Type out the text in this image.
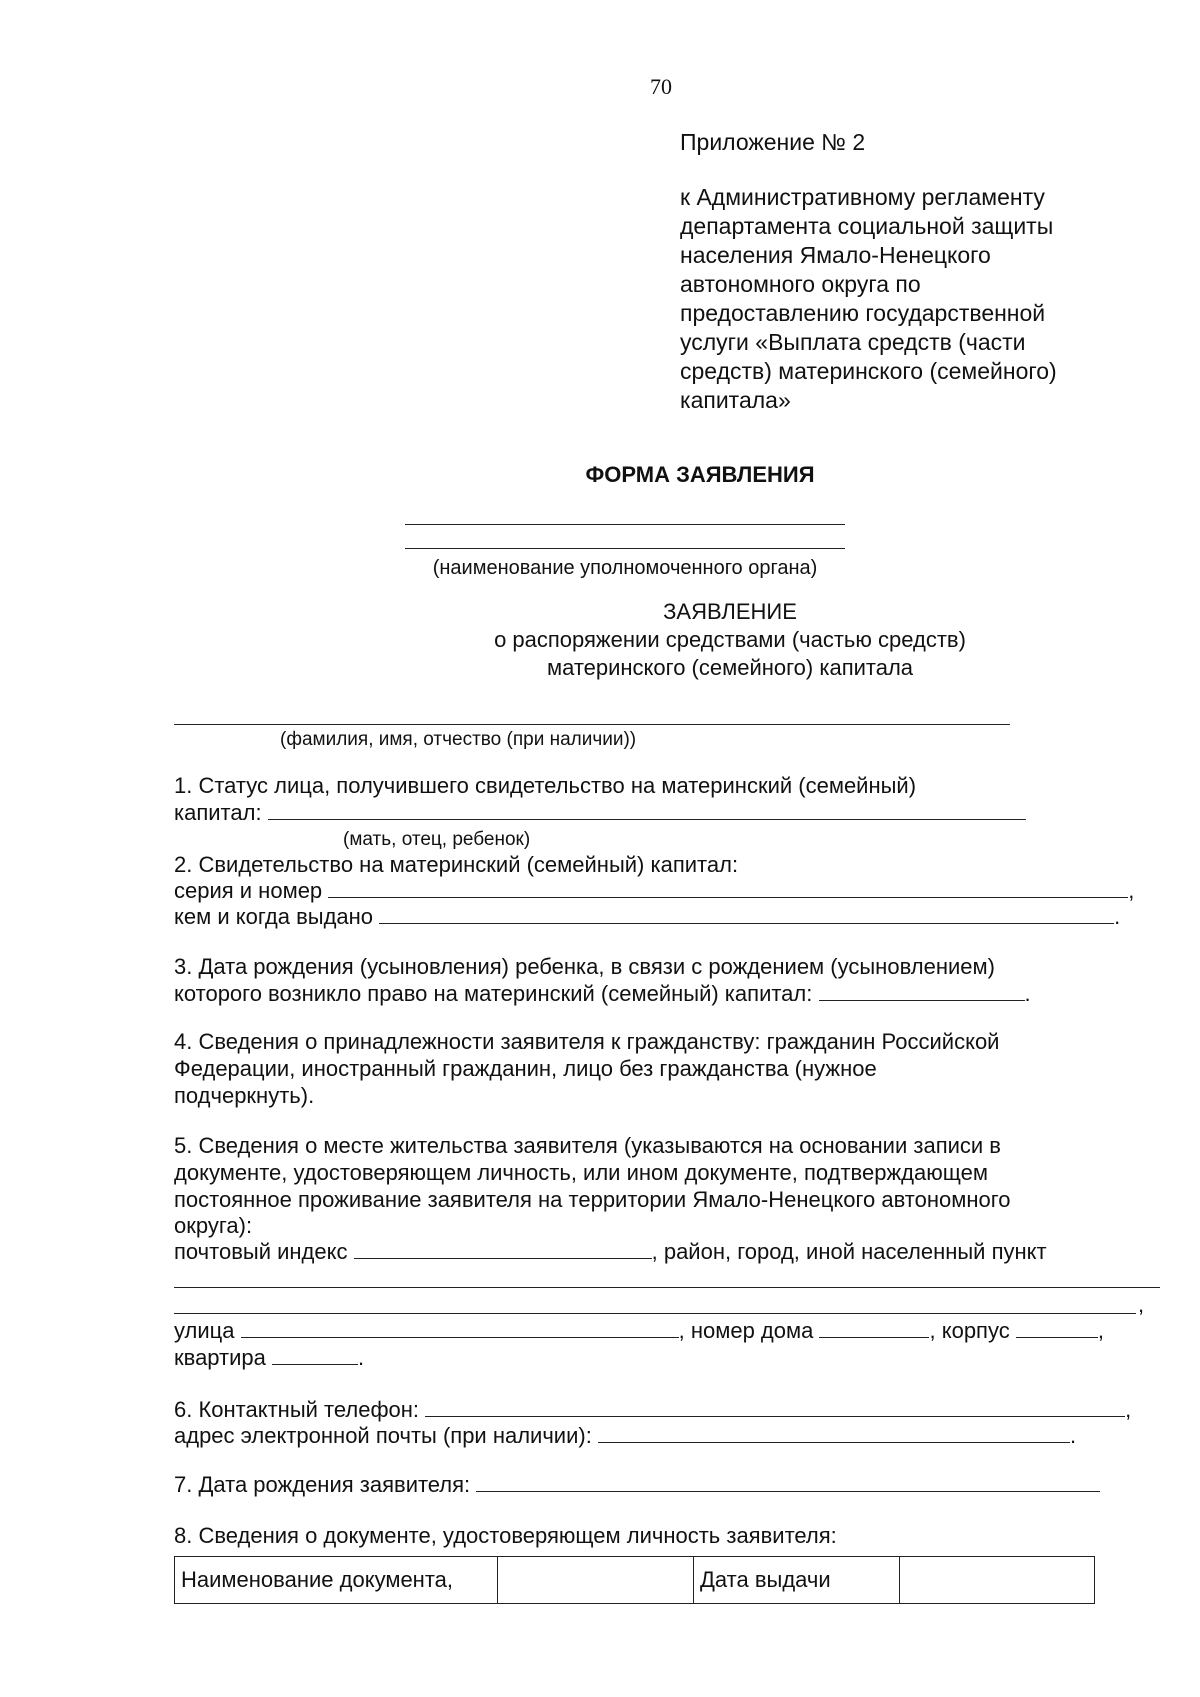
70
Приложение № 2
к Административному регламенту
департамента социальной защиты
населения Ямало-Ненецкого
автономного округа по
предоставлению государственной
услуги «Выплата средств (части
средств) материнского (семейного)
капитала»
ФОРМА ЗАЯВЛЕНИЯ
(наименование уполномоченного органа)
ЗАЯВЛЕНИЕ
о распоряжении средствами (частью средств)
материнского (семейного) капитала
(фамилия, имя, отчество (при наличии))
1. Статус лица, получившего свидетельство на материнский (семейный)
капитал:
(мать, отец, ребенок)
2. Свидетельство на материнский (семейный) капитал:
серия и номер	,
кем и когда выдано	.
3. Дата рождения (усыновления) ребенка, в связи с рождением (усыновлением)
которого возникло право на материнский (семейный) капитал:	.
4. Сведения о принадлежности заявителя к гражданству: гражданин Российской
Федерации, иностранный гражданин, лицо без гражданства (нужное
подчеркнуть).
5. Сведения о месте жительства заявителя (указываются на основании записи в
документе, удостоверяющем личность, или ином документе, подтверждающем
постоянное проживание заявителя на территории Ямало-Ненецкого автономного
округа):
почтовый индекс	, район, город, иной населенный пункт
,
улица	, номер дома	, корпус	,
квартира	.
6. Контактный телефон:	,
адрес электронной почты (при наличии):	.
7. Дата рождения заявителя:
8. Сведения о документе, удостоверяющем личность заявителя:
Наименование документа,		Дата выдачи	
